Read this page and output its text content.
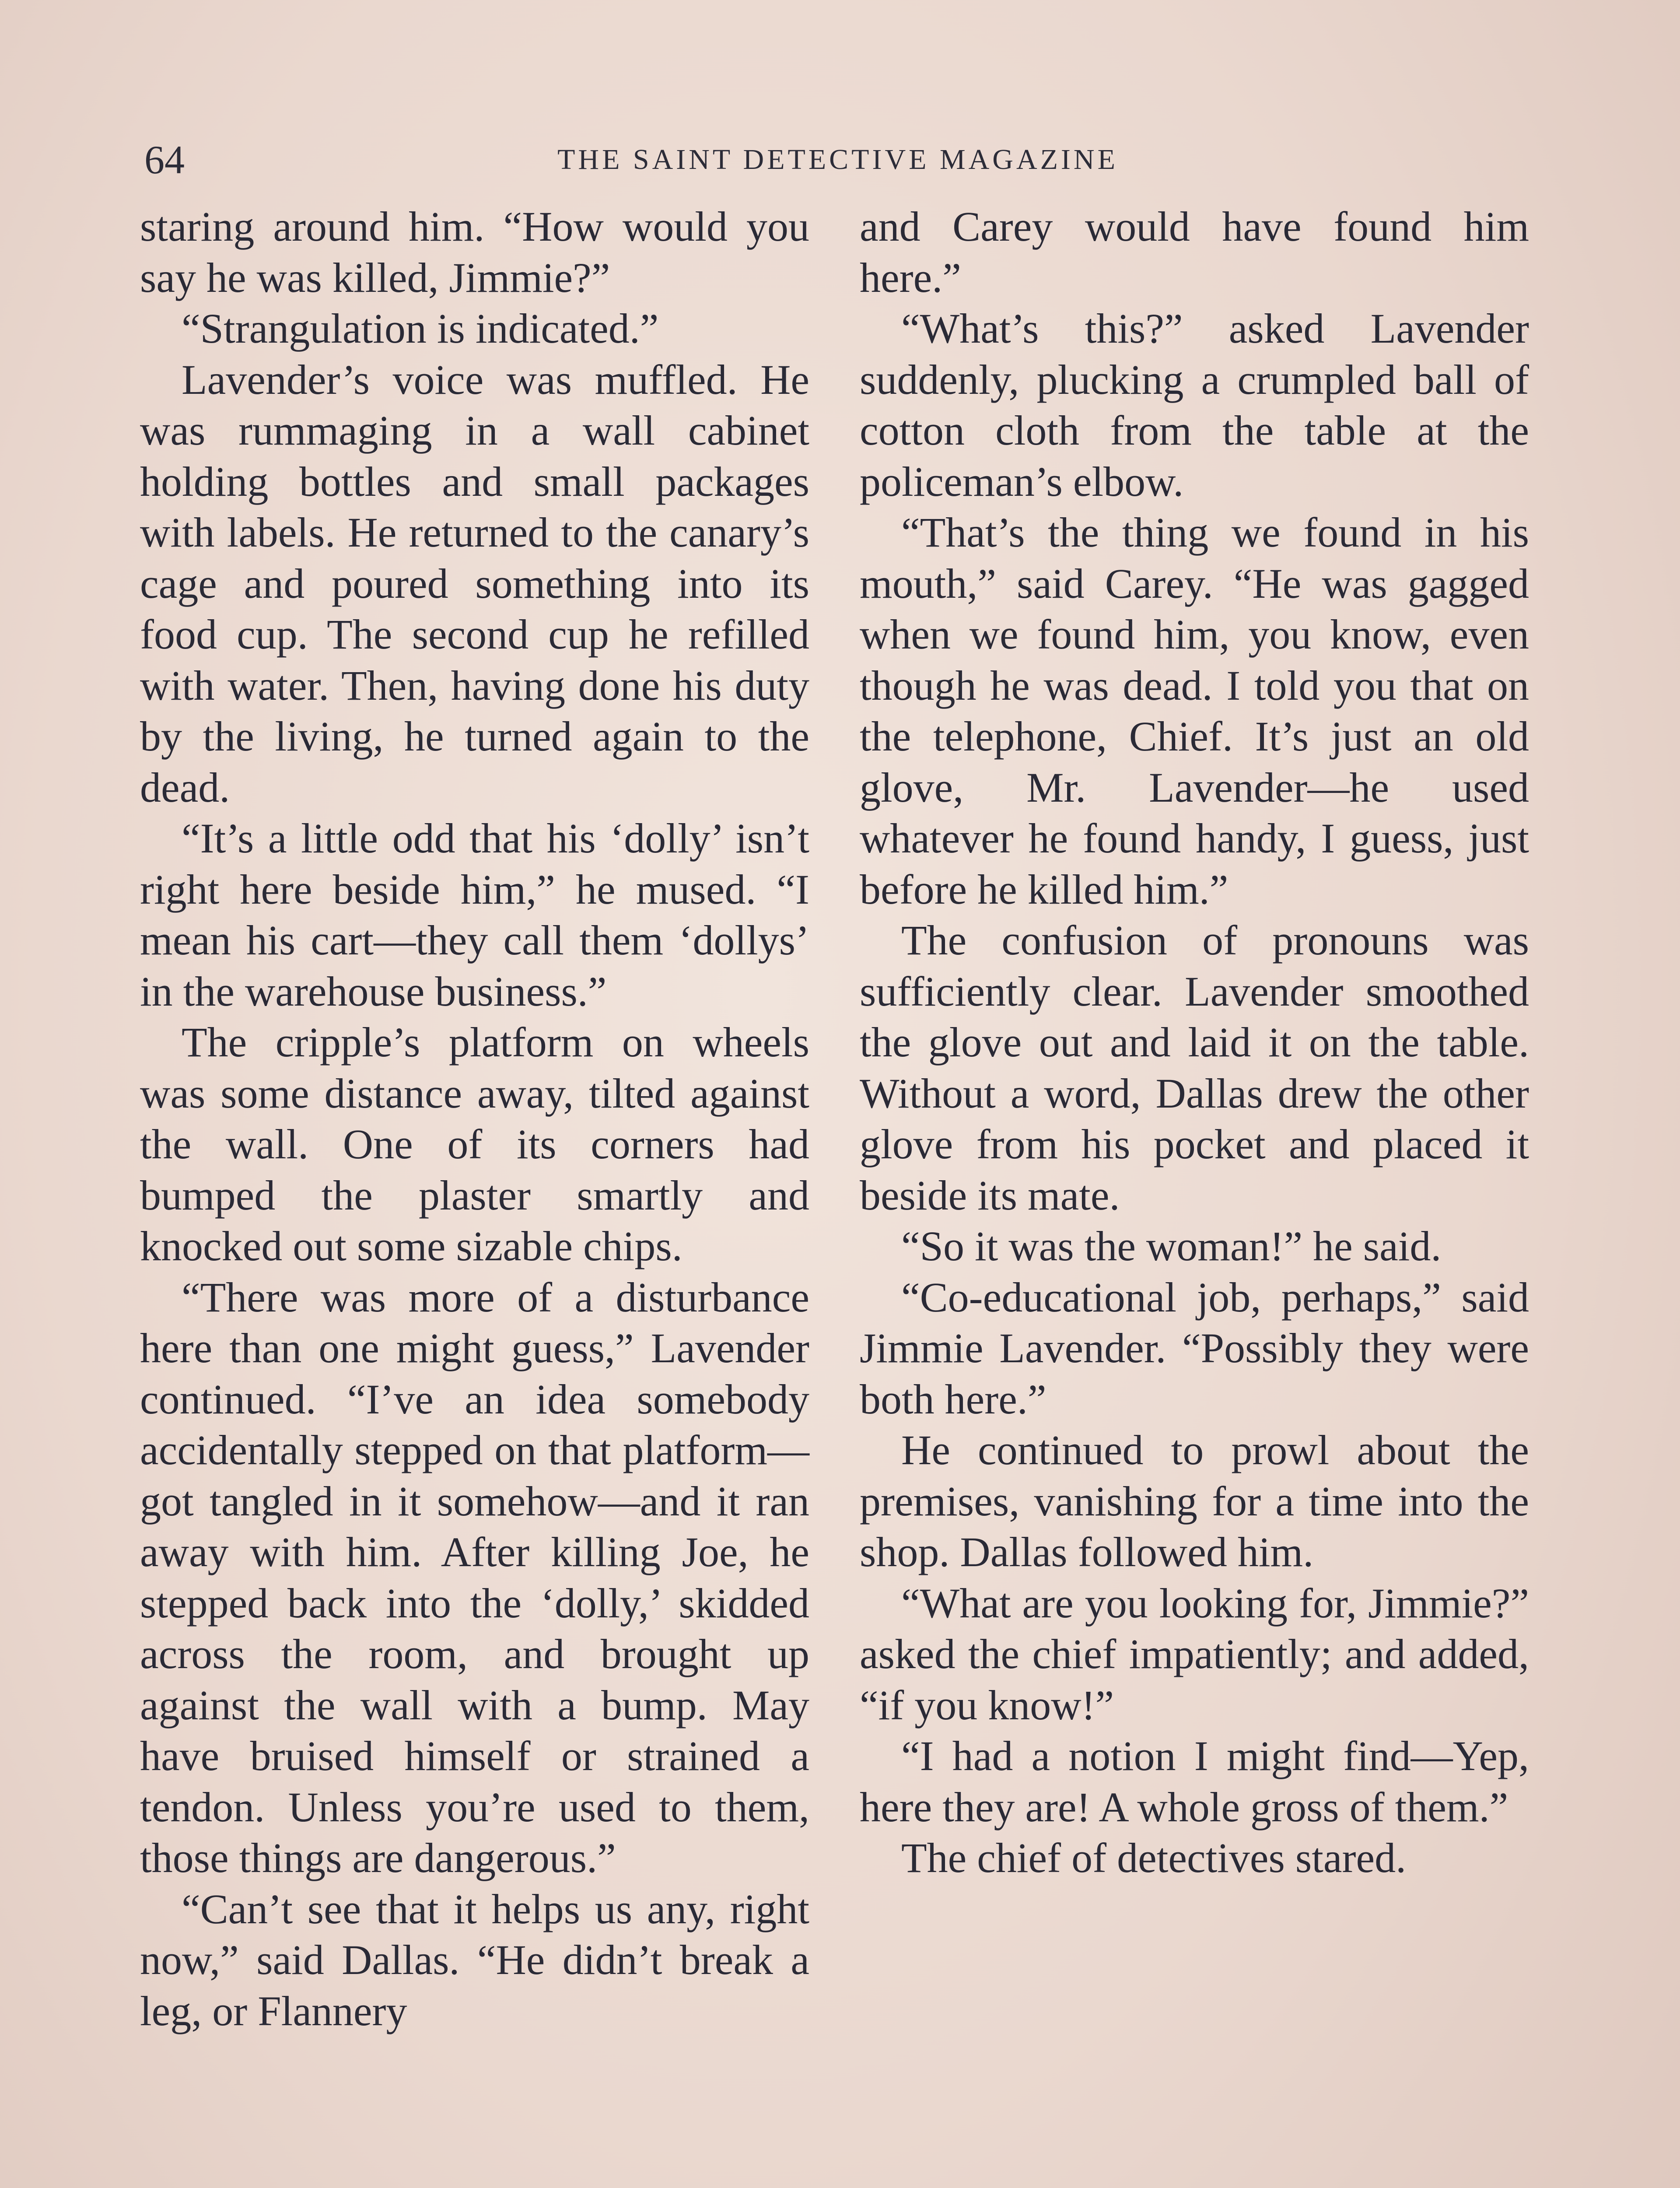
64	THE SAINT DETECTIVE MAGAZINE

staring around him. “How would you say he was killed, Jimmie?”

“Strangulation is indicated.”

Lavender’s voice was muffled. He was rummaging in a wall cabinet holding bottles and small packages with labels. He returned to the canary’s cage and poured something into its food cup. The second cup he refilled with water. Then, having done his duty by the living, he turned again to the dead.

“It’s a little odd that his ‘dolly’ isn’t right here beside him,” he mused. “I mean his cart—they call them ‘dollys’ in the warehouse business.”

The cripple’s platform on wheels was some distance away, tilted against the wall. One of its corners had bumped the plaster smartly and knocked out some sizable chips.

“There was more of a disturbance here than one might guess,” Lavender continued. “I’ve an idea somebody accidentally stepped on that platform—got tangled in it somehow—and it ran away with him. After killing Joe, he stepped back into the ‘dolly,’ skidded across the room, and brought up against the wall with a bump. May have bruised himself or strained a tendon. Unless you’re used to them, those things are dangerous.”

“Can’t see that it helps us any, right now,” said Dallas. “He didn’t break a leg, or Flannery

and Carey would have found him here.”

“What’s this?” asked Lavender suddenly, plucking a crumpled ball of cotton cloth from the table at the policeman’s elbow.

“That’s the thing we found in his mouth,” said Carey. “He was gagged when we found him, you know, even though he was dead. I told you that on the telephone, Chief. It’s just an old glove, Mr. Lavender—he used whatever he found handy, I guess, just before he killed him.”

The confusion of pronouns was sufficiently clear. Lavender smoothed the glove out and laid it on the table. Without a word, Dallas drew the other glove from his pocket and placed it beside its mate.

“So it was the woman!” he said.

“Co-educational job, perhaps,” said Jimmie Lavender. “Possibly they were both here.”

He continued to prowl about the premises, vanishing for a time into the shop. Dallas followed him.

“What are you looking for, Jimmie?” asked the chief impatiently; and added, “if you know!”

“I had a notion I might find—Yep, here they are! A whole gross of them.”

The chief of detectives stared.
